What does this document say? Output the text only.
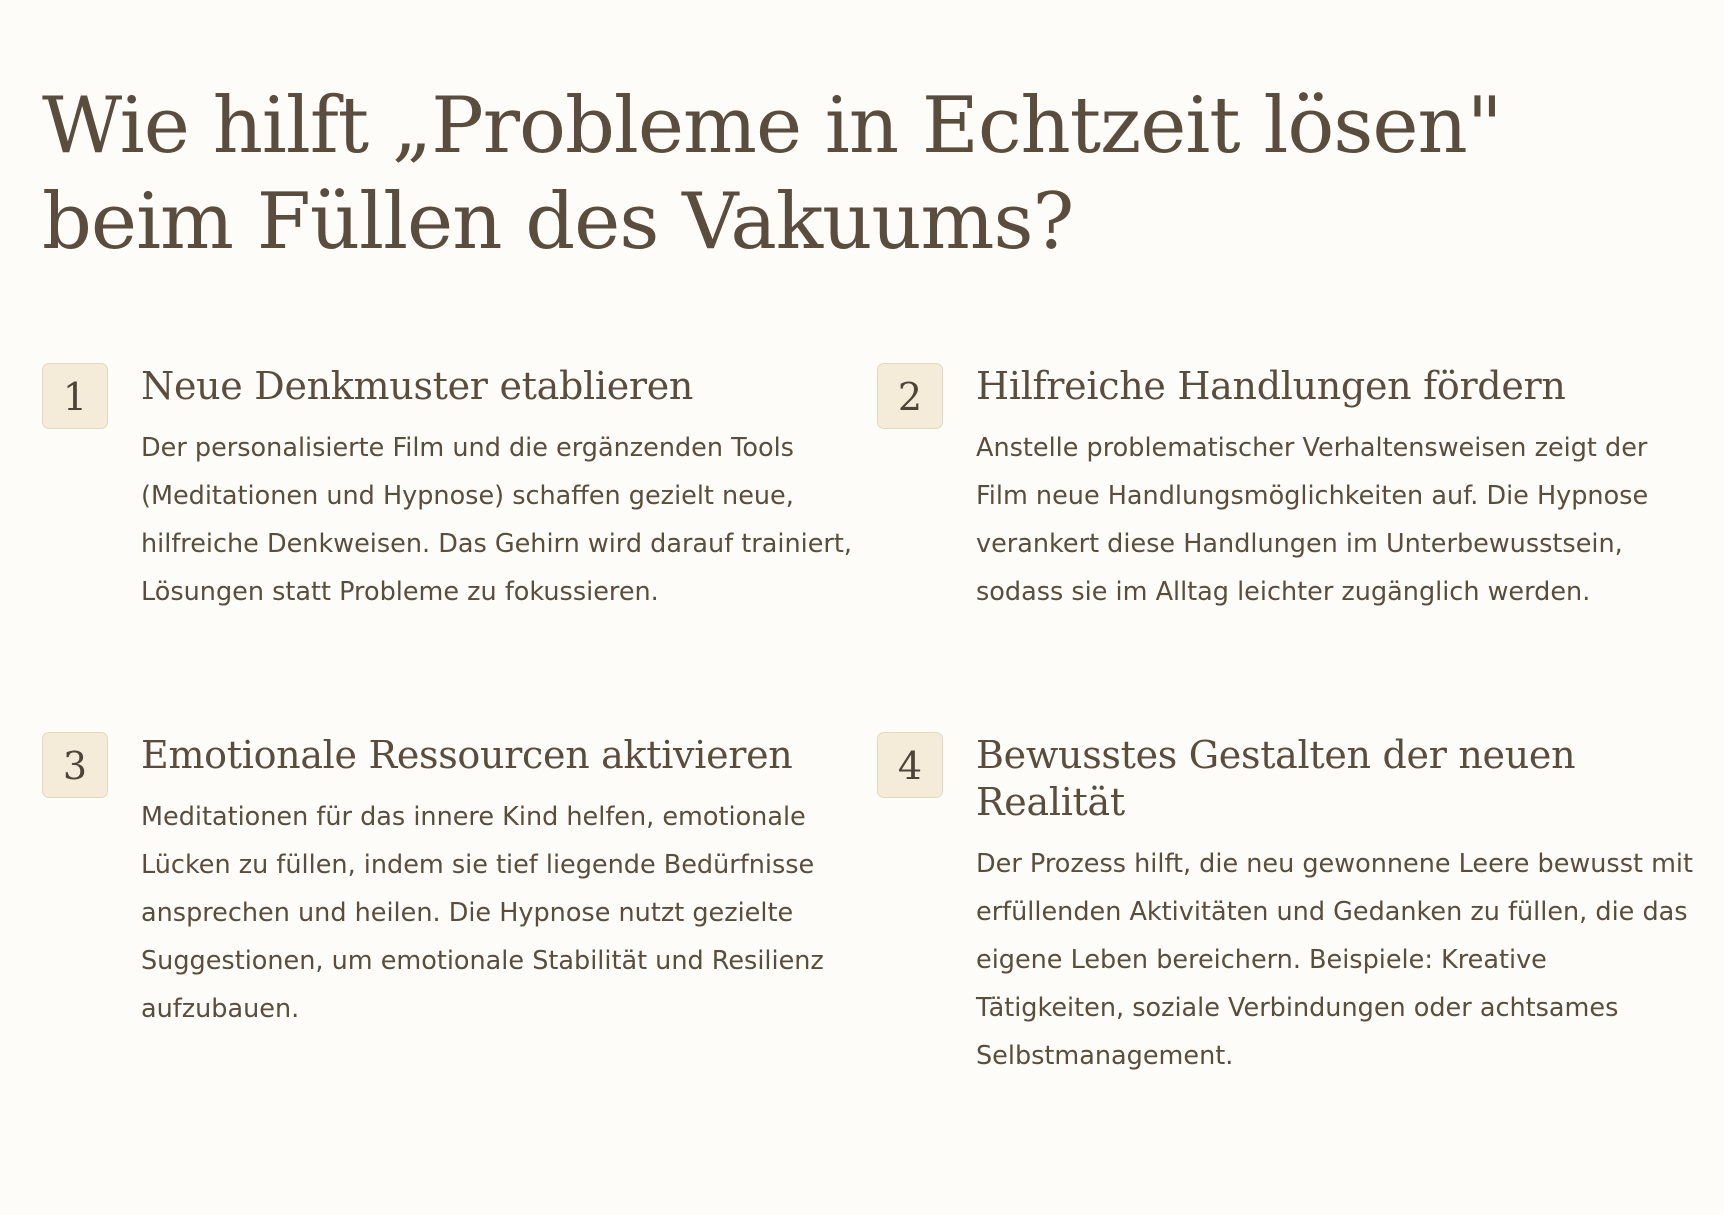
Wie hilft „Probleme in Echtzeit lösen" beim Füllen des Vakuums?
1	Neue Denkmuster etablieren

Der personalisierte Film und die ergänzenden Tools (Meditationen und Hypnose) schaffen gezielt neue, hilfreiche Denkweisen. Das Gehirn wird darauf trainiert, Lösungen statt Probleme zu fokussieren.

2	Hilfreiche Handlungen fördern

Anstelle problematischer Verhaltensweisen zeigt der Film neue Handlungsmöglichkeiten auf. Die Hypnose verankert diese Handlungen im Unterbewusstsein, sodass sie im Alltag leichter zugänglich werden.

3	Emotionale Ressourcen aktivieren

Meditationen für das innere Kind helfen, emotionale Lücken zu füllen, indem sie tief liegende Bedürfnisse ansprechen und heilen. Die Hypnose nutzt gezielte Suggestionen, um emotionale Stabilität und Resilienz aufzubauen.

4	Bewusstes Gestalten der neuen Realität

Der Prozess hilft, die neu gewonnene Leere bewusst mit erfüllenden Aktivitäten und Gedanken zu füllen, die das eigene Leben bereichern. Beispiele: Kreative Tätigkeiten, soziale Verbindungen oder achtsames Selbstmanagement.
